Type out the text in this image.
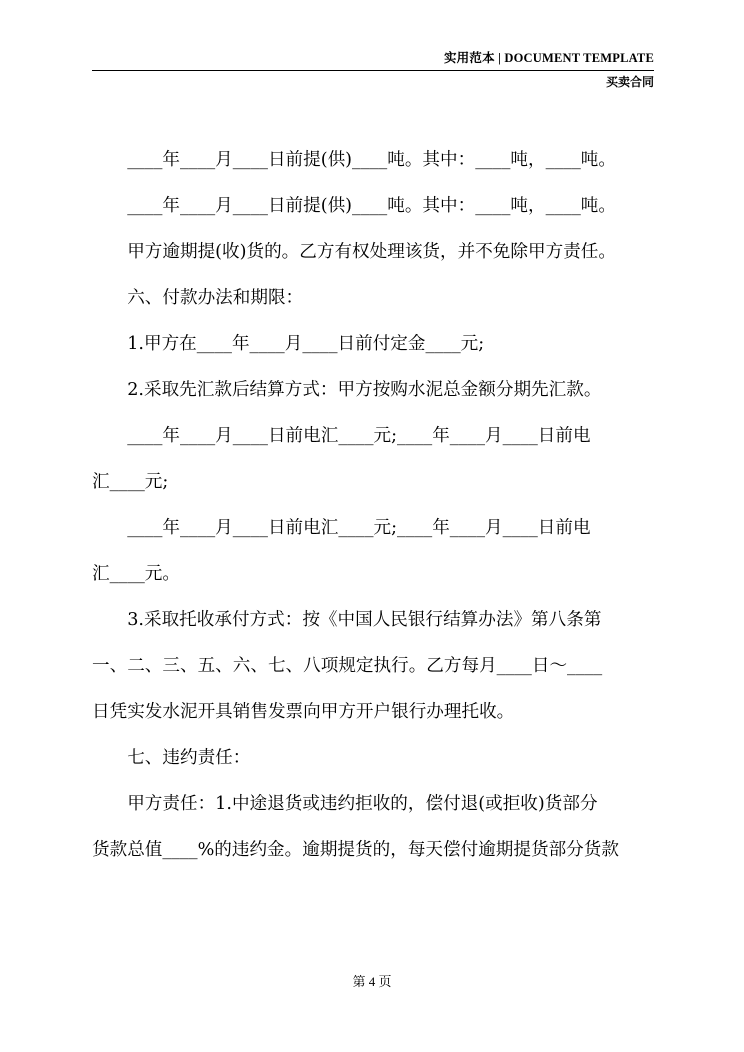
实用范本 | DOCUMENT TEMPLATE
买卖合同
　　____年____月____日前提(供)____吨。其中：____吨，____吨。
　　____年____月____日前提(供)____吨。其中：____吨，____吨。
　　甲方逾期提(收)货的。乙方有权处理该货，并不免除甲方责任。
　　六、付款办法和期限：
　　1.甲方在____年____月____日前付定金____元;
　　2.采取先汇款后结算方式：甲方按购水泥总金额分期先汇款。
　　____年____月____日前电汇____元;____年____月____日前电
汇____元;
　　____年____月____日前电汇____元;____年____月____日前电
汇____元。
　　3.采取托收承付方式：按《中国人民银行结算办法》第八条第
一、二、三、五、六、七、八项规定执行。乙方每月____日～____
日凭实发水泥开具销售发票向甲方开户银行办理托收。
　　七、违约责任：
　　甲方责任：1.中途退货或违约拒收的，偿付退(或拒收)货部分
货款总值____%的违约金。逾期提货的，每天偿付逾期提货部分货款
第 4 页
